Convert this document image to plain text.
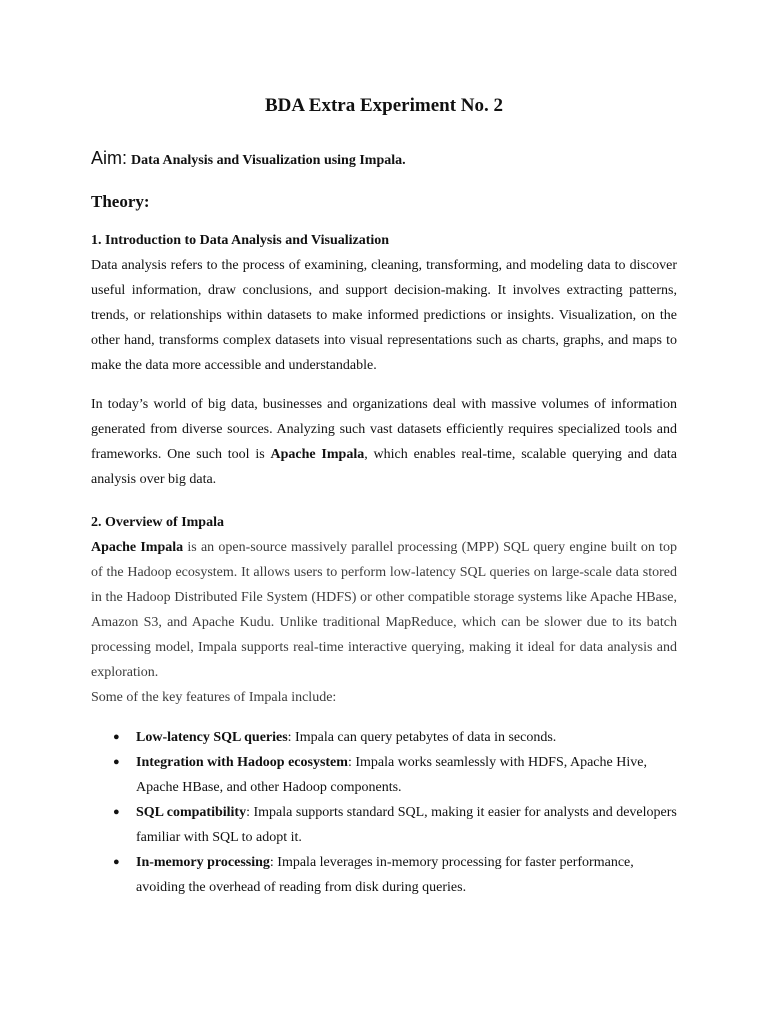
BDA Extra Experiment No. 2

Aim: Data Analysis and Visualization using Impala.

Theory:
1. Introduction to Data Analysis and Visualization

Data analysis refers to the process of examining, cleaning, transforming, and modeling data to discover useful information, draw conclusions, and support decision-making. It involves extracting patterns, trends, or relationships within datasets to make informed predictions or insights. Visualization, on the other hand, transforms complex datasets into visual representations such as charts, graphs, and maps to make the data more accessible and understandable.

In today’s world of big data, businesses and organizations deal with massive volumes of information generated from diverse sources. Analyzing such vast datasets efficiently requires specialized tools and frameworks. One such tool is Apache Impala, which enables real-time, scalable querying and data analysis over big data.

2. Overview of Impala

Apache Impala is an open-source massively parallel processing (MPP) SQL query engine built on top of the Hadoop ecosystem. It allows users to perform low-latency SQL queries on large-scale data stored in the Hadoop Distributed File System (HDFS) or other compatible storage systems like Apache HBase, Amazon S3, and Apache Kudu. Unlike traditional MapReduce, which can be slower due to its batch processing model, Impala supports real-time interactive querying, making it ideal for data analysis and exploration.

Some of the key features of Impala include:

● Low-latency SQL queries: Impala can query petabytes of data in seconds.
● Integration with Hadoop ecosystem: Impala works seamlessly with HDFS, Apache Hive, Apache HBase, and other Hadoop components.
● SQL compatibility: Impala supports standard SQL, making it easier for analysts and developers familiar with SQL to adopt it.
● In-memory processing: Impala leverages in-memory processing for faster performance, avoiding the overhead of reading from disk during queries.
